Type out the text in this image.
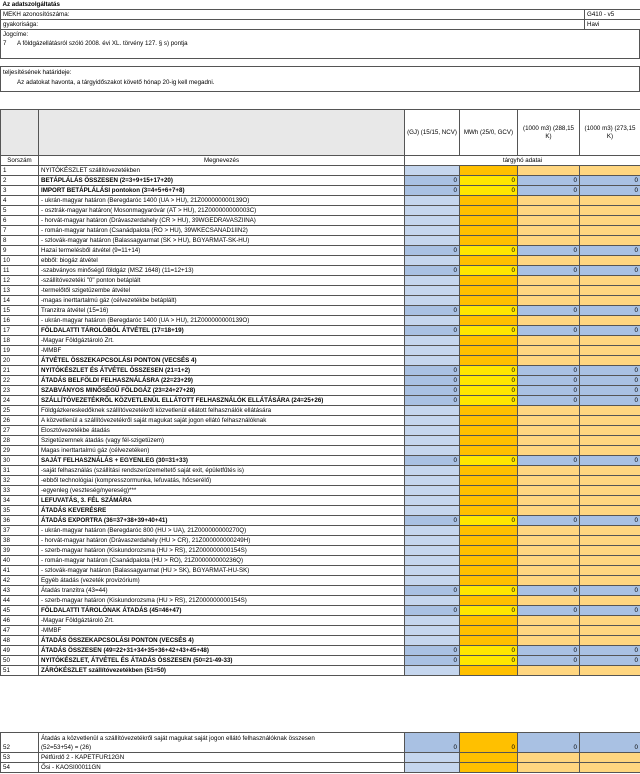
Az adatszolgáltatás	
MEKH azonosítószáma:	G410 - v5
gyakorisága:	Havi
Jogcíme:
7 A földgázellátásról szóló 2008. évi XL. törvény 127. § s) pontja
teljesítésének határideje:
Az adatokat havonta, a tárgyidőszakot követő hónap 20-ig kell megadni.
		(GJ) (15/15, NCV)	MWh (25/0, GCV)	(1000 m3) (288,15 K)	(1000 m3) (273,15 K)
Sorszám	Megnevezés	tárgyhó adatai			
1	NYITÓKÉSZLET szállítóvezetékben				
2	BETÁPLÁLÁS ÖSSZESEN (2=3+9+15+17+20)	0	0	0	0
3	IMPORT BETÁPLÁLÁSI pontokon (3=4+5+6+7+8)	0	0	0	0
4	- ukrán-magyar határon (Beregdaróc 1400 (UA > HU), 21Z000000000139O)				
5	- osztrák-magyar határon( Mosonmagyaróvár (AT > HU), 21Z000000000003C)				
6	- horvát-magyar határon (Drávaszerdahely (CR > HU), 39WGEDRAVASZIINA)				
7	- román-magyar határon (Csanádpalota (RO > HU), 39WKECSANAD1IIN2)				
8	- szlovák-magyar határon (Balassagyarmat (SK > HU), BGYARMAT-SK-HU)				
9	Hazai termelésből átvétel (9=11+14)	0	0	0	0
10	ebből: biogáz átvétel				
11	-szabványos minőségű földgáz (MSZ 1648) (11=12+13)	0	0	0	0
12	-szállítóvezetéki "0" ponton betáplált				
13	-termelőtől szigetüzembe átvétel				
14	-magas inerttartalmú gáz (célvezetékbe betáplált)				
15	Tranzitra átvétel (15=16)	0	0	0	0
16	- ukrán-magyar határon (Beregdaróc 1400 (UA > HU), 21Z000000000139O)				
17	FÖLDALATTI TÁROLÓBÓL ÁTVÉTEL (17=18+19)	0	0	0	0
18	-Magyar Földgáztároló Zrt.				
19	-MMBF				
20	ÁTVÉTEL ÖSSZEKAPCSOLÁSI PONTON (VECSÉS 4)				
21	NYITÓKÉSZLET ÉS ÁTVÉTEL ÖSSZESEN (21=1+2)	0	0	0	0
22	ÁTADÁS BELFÖLDI FELHASZNÁLÁSRA (22=23+29)	0	0	0	0
23	SZABVÁNYOS MINŐSÉGŰ FÖLDGÁZ (23=24+27+28)	0	0	0	0
24	SZÁLLÍTÓVEZETÉKRŐL KÖZVETLENÜL ELLÁTOTT FELHASZNÁLÓK ELLÁTÁSÁRA (24=25+26)	0	0	0	0
25	Földgázkereskedőknek szállítóvezetékről közvetlenül ellátott felhasználók ellátására				
26	A közvetlenül a szállítóvezetékről saját magukat saját jogon ellátó felhasználóknak				
27	Elosztóvezetékbe átadás				
28	Szigetüzemnek átadás (vagy fél-szigetüzem)				
29	Magas inerttartalmú gáz (célvezetéken)				
30	SAJÁT FELHASZNÁLÁS + EGYENLEG (30=31+33)	0	0	0	0
31	-saját felhasználás (szállítási rendszerüzemeltető saját exit, épületfűtés is)				
32	-ebből technológiai (kompresszormunka, lefuvatás, hőcserélő)				
33	-egyenleg (veszteség/nyereség)***				
34	LEFUVATÁS, 3. FÉL SZÁMÁRA				
35	ÁTADÁS KEVERÉSRE				
36	ÁTADÁS EXPORTRA (36=37+38+39+40+41)	0	0	0	0
37	- ukrán-magyar határon (Beregdaróc 800 (HU > UA), 21Z000000000270Q)				
38	- horvát-magyar határon (Drávaszerdahely (HU > CR), 21Z000000000249H)				
39	- szerb-magyar határon (Kiskundorozsma (HU > RS), 21Z000000000154S)				
40	- román-magyar határon (Csanádpalota (HU > RO), 21Z000000000236Q)				
41	- szlovák-magyar határon (Balassagyarmat (HU > SK), BGYARMAT-HU-SK)				
42	Egyéb átadás (vezeték provizórium)				
43	Átadás tranzitra (43=44)	0	0	0	0
44	- szerb-magyar határon (Kiskundorozsma (HU > RS), 21Z000000000154S)				
45	FÖLDALATTI TÁROLÓNAK ÁTADÁS (45=46+47)	0	0	0	0
46	-Magyar Földgáztároló Zrt.				
47	-MMBF				
48	ÁTADÁS ÖSSZEKAPCSOLÁSI PONTON (VECSÉS 4)				
49	ÁTADÁS ÖSSZESEN (49=22+31+34+35+36+42+43+45+48)	0	0	0	0
50	NYITÓKÉSZLET, ÁTVÉTEL ÉS ÁTADÁS ÖSSZESEN (50=21-49-33)	0	0	0	0
51	ZÁRÓKÉSZLET szállítóvezetékben (51=50)				
52	Átadás a közvetlenül a szállítóvezetékről saját magukat saját jogon ellátó felhasználóknak összesen
(52=53+54) = (26)	0	0	0	0
53	Pétfürdő 2 - KAPETFUR12GN				
54	Ősi - KAOSI00011GN				
